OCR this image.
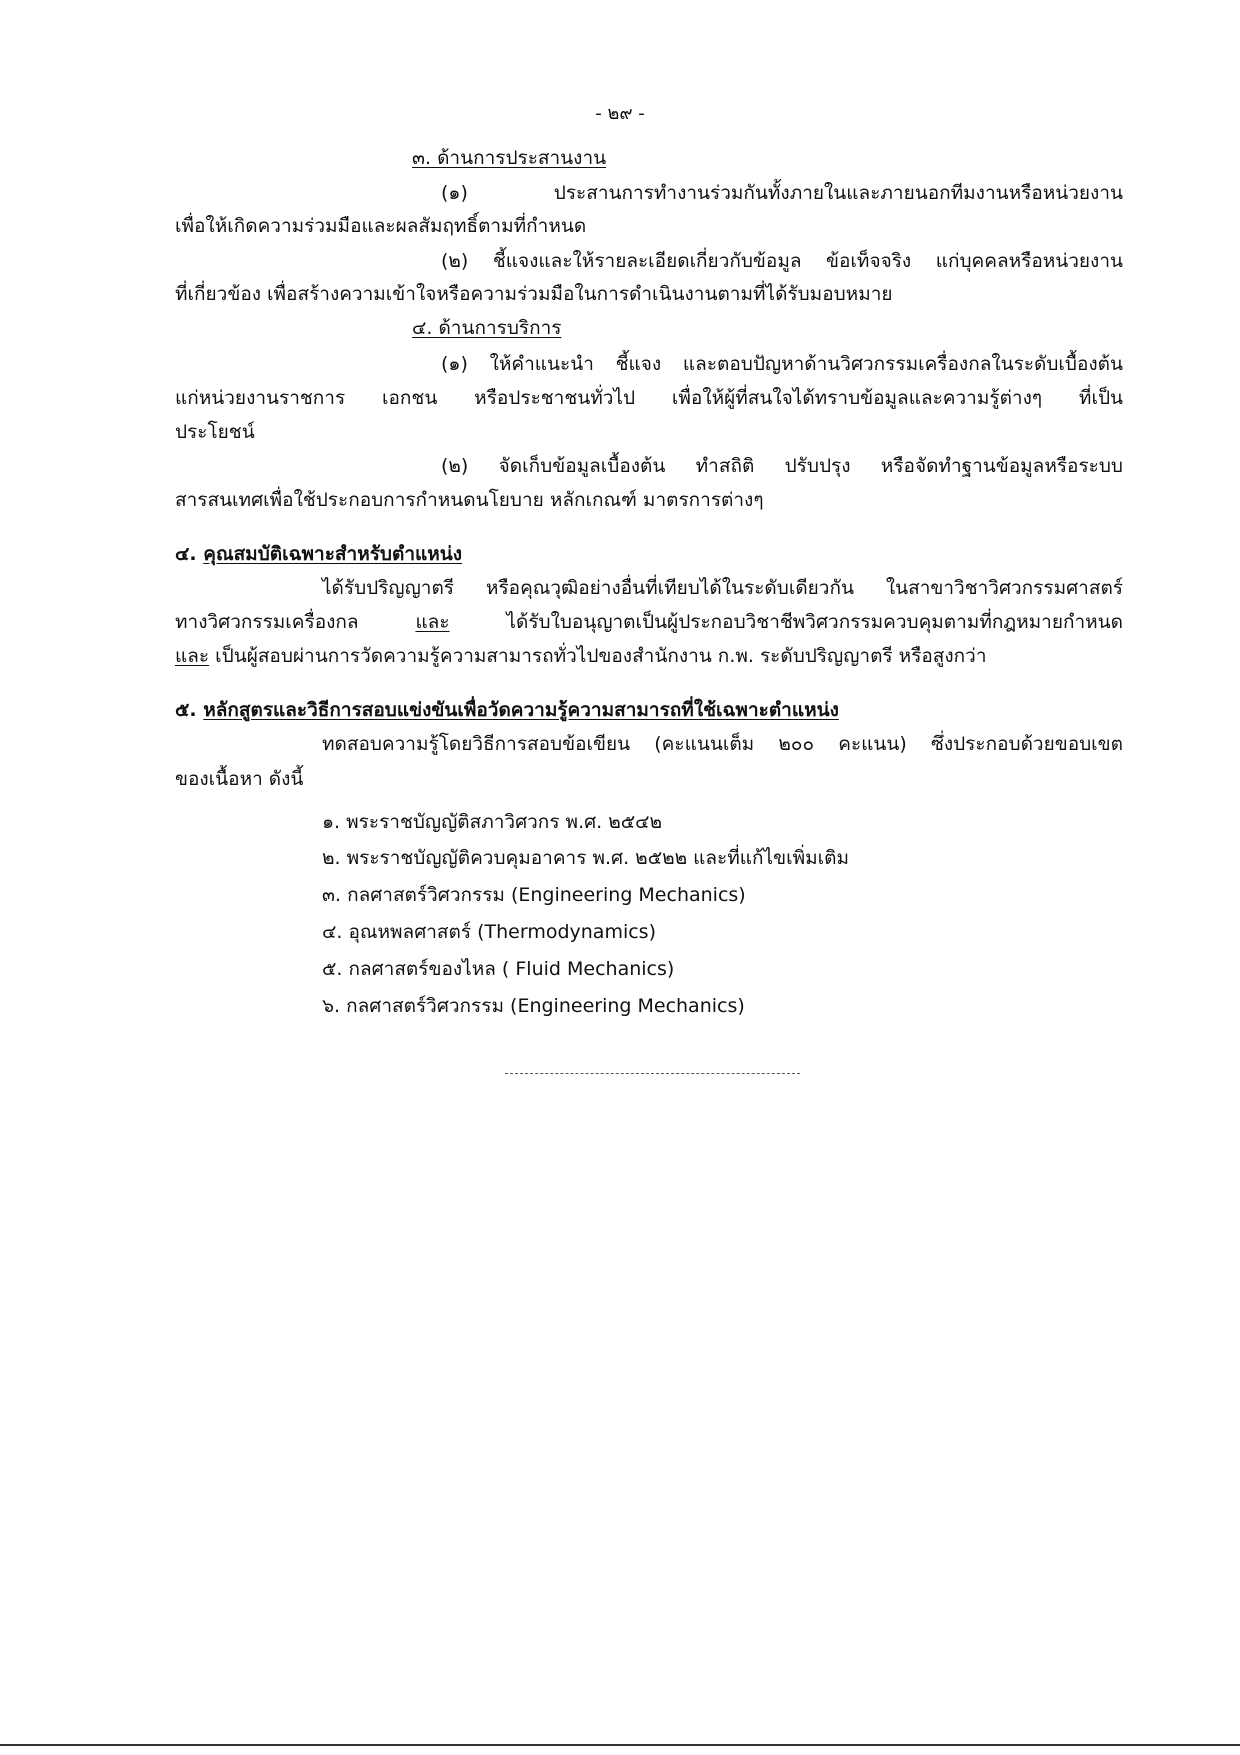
- ๒๙ -
๓. ด้านการประสานงาน
(๑) ประสานการทำงานร่วมกันทั้งภายในและภายนอกทีมงานหรือหน่วยงาน
เพื่อให้เกิดความร่วมมือและผลสัมฤทธิ์ตามที่กำหนด
(๒) ชี้แจงและให้รายละเอียดเกี่ยวกับข้อมูล ข้อเท็จจริง แก่บุคคลหรือหน่วยงาน
ที่เกี่ยวข้อง เพื่อสร้างความเข้าใจหรือความร่วมมือในการดำเนินงานตามที่ได้รับมอบหมาย
๔. ด้านการบริการ
(๑) ให้คำแนะนำ ชี้แจง และตอบปัญหาด้านวิศวกรรมเครื่องกลในระดับเบื้องต้น
แก่หน่วยงานราชการ เอกชน หรือประชาชนทั่วไป เพื่อให้ผู้ที่สนใจได้ทราบข้อมูลและความรู้ต่างๆ ที่เป็น
ประโยชน์
(๒) จัดเก็บข้อมูลเบื้องต้น ทำสถิติ ปรับปรุง หรือจัดทำฐานข้อมูลหรือระบบ
สารสนเทศเพื่อใช้ประกอบการกำหนดนโยบาย หลักเกณฑ์ มาตรการต่างๆ
๔. คุณสมบัติเฉพาะสำหรับตำแหน่ง
ได้รับปริญญาตรี หรือคุณวุฒิอย่างอื่นที่เทียบได้ในระดับเดียวกัน ในสาขาวิชาวิศวกรรมศาสตร์
ทางวิศวกรรมเครื่องกล	และ	ได้รับใบอนุญาตเป็นผู้ประกอบวิชาชีพวิศวกรรมควบคุมตามที่กฎหมายกำหนด
และ เป็นผู้สอบผ่านการวัดความรู้ความสามารถทั่วไปของสำนักงาน ก.พ. ระดับปริญญาตรี หรือสูงกว่า
๕. หลักสูตรและวิธีการสอบแข่งขันเพื่อวัดความรู้ความสามารถที่ใช้เฉพาะตำแหน่ง
ทดสอบความรู้โดยวิธีการสอบข้อเขียน (คะแนนเต็ม ๒๐๐ คะแนน) ซึ่งประกอบด้วยขอบเขต
ของเนื้อหา ดังนี้
๑. พระราชบัญญัติสภาวิศวกร พ.ศ. ๒๕๔๒
๒. พระราชบัญญัติควบคุมอาคาร พ.ศ. ๒๕๒๒ และที่แก้ไขเพิ่มเติม
๓. กลศาสตร์วิศวกรรม (Engineering Mechanics)
๔. อุณหพลศาสตร์ (Thermodynamics)
๕. กลศาสตร์ของไหล ( Fluid Mechanics)
๖. กลศาสตร์วิศวกรรม (Engineering Mechanics)
